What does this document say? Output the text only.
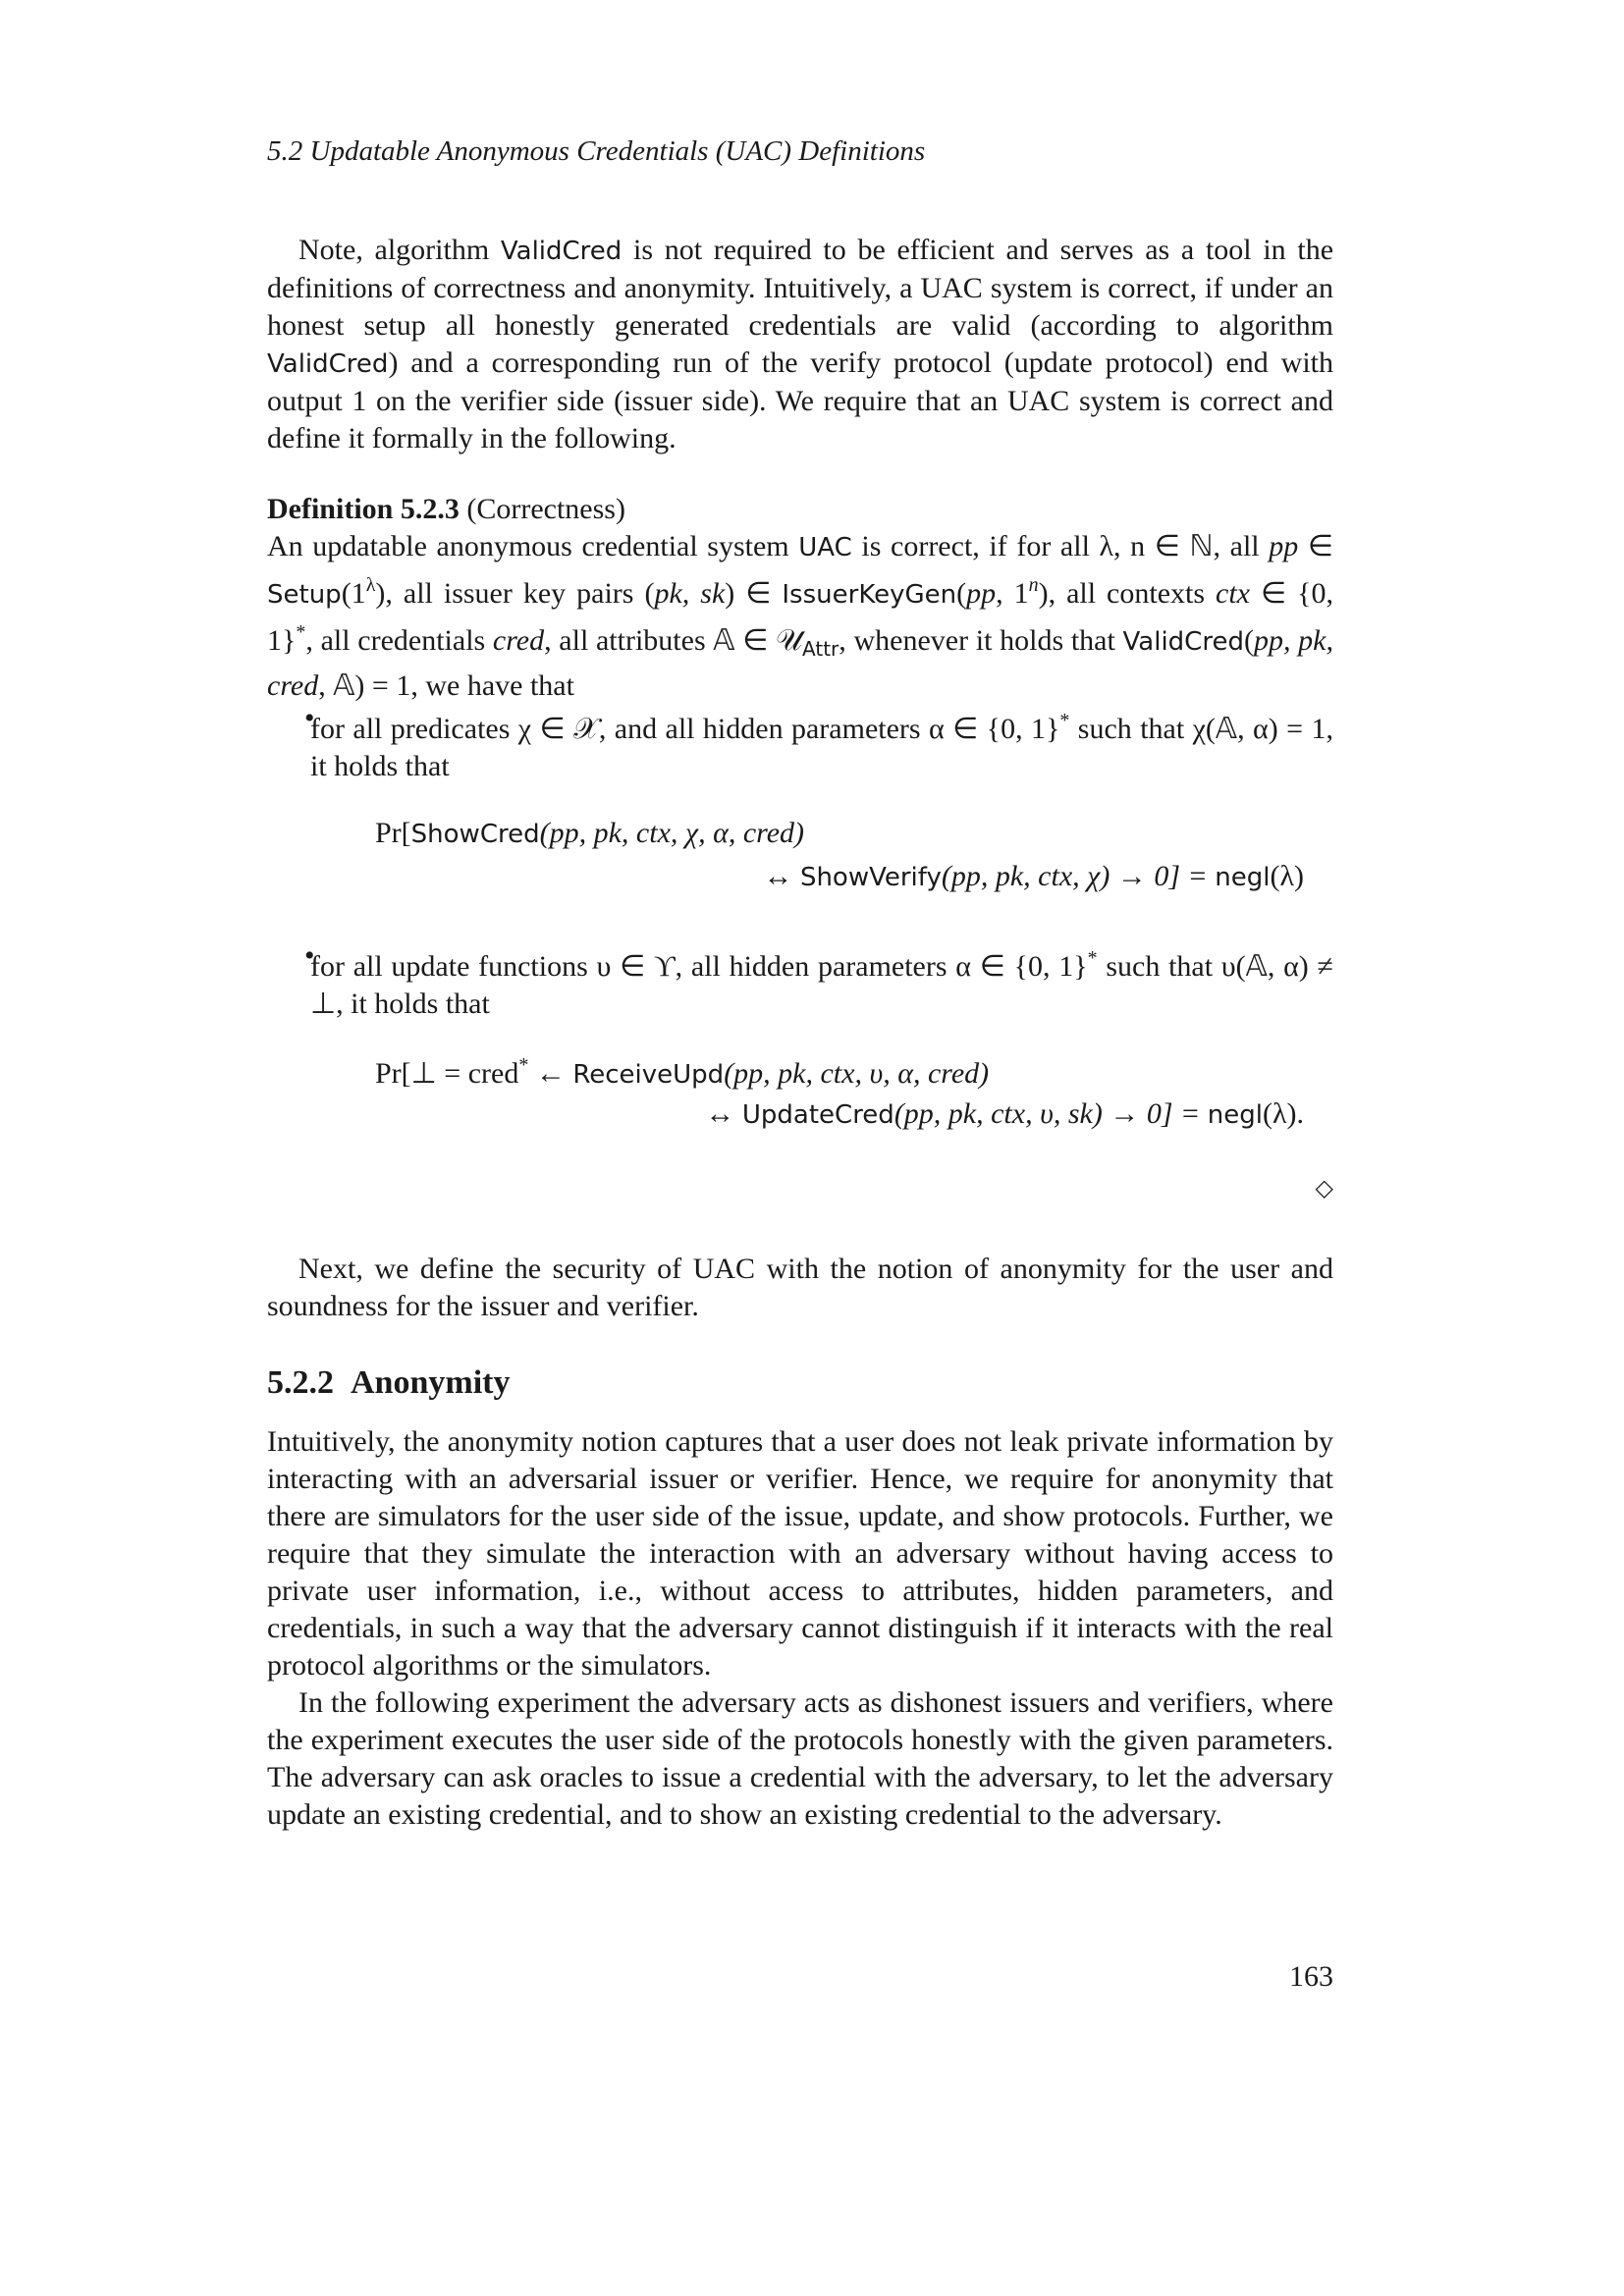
5.2 Updatable Anonymous Credentials (UAC) Definitions

Note, algorithm ValidCred is not required to be efficient and serves as a tool in the definitions of correctness and anonymity. Intuitively, a UAC system is correct, if under an honest setup all honestly generated credentials are valid (according to algorithm ValidCred) and a corresponding run of the verify protocol (update protocol) end with output 1 on the verifier side (issuer side). We require that an UAC system is correct and define it formally in the following.

Definition 5.2.3 (Correctness)
An updatable anonymous credential system UAC is correct, if for all λ, n ∈ ℕ, all pp ∈ $Setup(1^\lambda)$, all issuer key pairs (pk, sk) ∈ IssuerKeyGen(pp, 1$^n$), all contexts ctx ∈ {0, 1}*, all credentials cred, all attributes 𝔸 ∈ 𝒰$_{Attr}$, whenever it holds that ValidCred(pp, pk, cred, 𝔸) = 1, we have that

•

for all predicates χ ∈ 𝒳, and all hidden parameters α ∈ {0, 1}* such that χ(𝔸, α) = 1, it holds that

Pr[ShowCred(pp, pk, ctx, χ, α, cred)
↔ ShowVerify(pp, pk, ctx, χ) → 0] = negl(λ)
•

for all update functions υ ∈ ϒ, all hidden parameters α ∈ {0, 1}* such that υ(𝔸, α) ≠ ⊥, it holds that

Pr[⊥ = cred* ← ReceiveUpd(pp, pk, ctx, υ, α, cred)
↔ UpdateCred(pp, pk, ctx, υ, sk) → 0] = negl(λ).
◇

Next, we define the security of UAC with the notion of anonymity for the user and soundness for the issuer and verifier.

5.2.2 Anonymity

Intuitively, the anonymity notion captures that a user does not leak private information by interacting with an adversarial issuer or verifier. Hence, we require for anonymity that there are simulators for the user side of the issue, update, and show protocols. Further, we require that they simulate the interaction with an adversary without having access to private user information, i.e., without access to attributes, hidden parameters, and credentials, in such a way that the adversary cannot distinguish if it interacts with the real protocol algorithms or the simulators.

In the following experiment the adversary acts as dishonest issuers and verifiers, where the experiment executes the user side of the protocols honestly with the given parameters. The adversary can ask oracles to issue a credential with the adversary, to let the adversary update an existing credential, and to show an existing credential to the adversary.

163
